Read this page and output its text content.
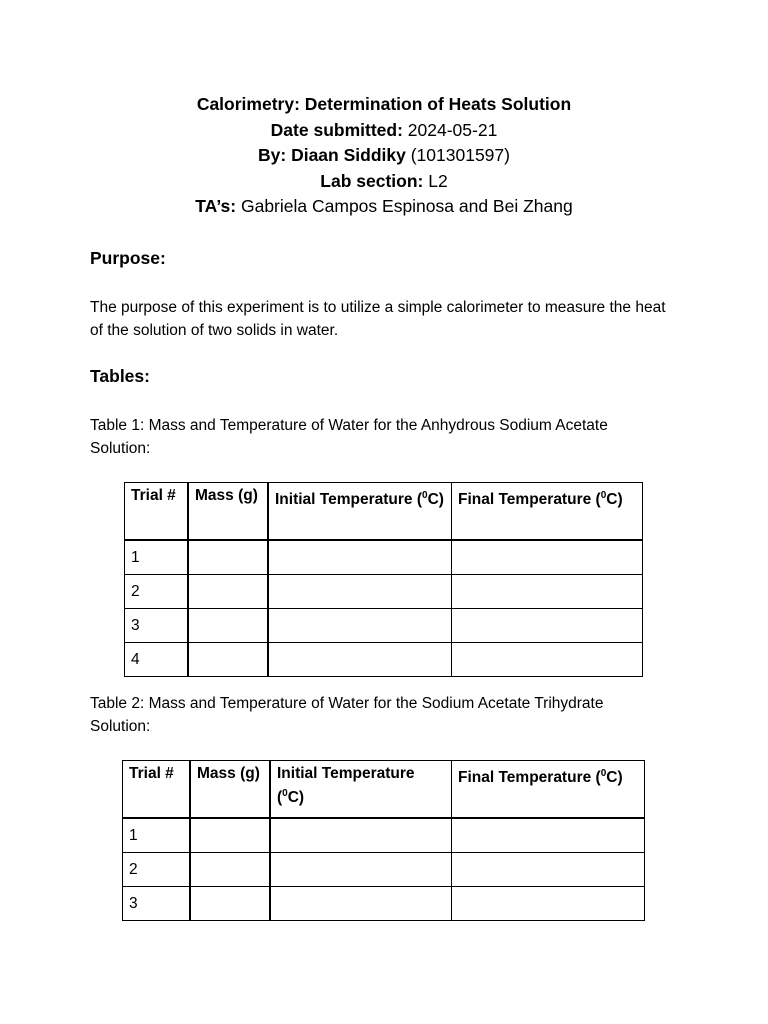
Calorimetry: Determination of Heats Solution
Date submitted: 2024-05-21
By: Diaan Siddiky (101301597)
Lab section: L2
TA’s: Gabriela Campos Espinosa and Bei Zhang
Purpose:
The purpose of this experiment is to utilize a simple calorimeter to measure the heat of the solution of two solids in water.
Tables:
Table 1: Mass and Temperature of Water for the Anhydrous Sodium Acetate Solution:
Trial #	Mass (g)	Initial Temperature ($^0$C)	Final Temperature ($^0$C)
1			
2			
3			
4			
Table 2: Mass and Temperature of Water for the Sodium Acetate Trihydrate Solution:
Trial #	Mass (g)	Initial Temperature ($^0$C)	Final Temperature ($^0$C)
1			
2			
3			
